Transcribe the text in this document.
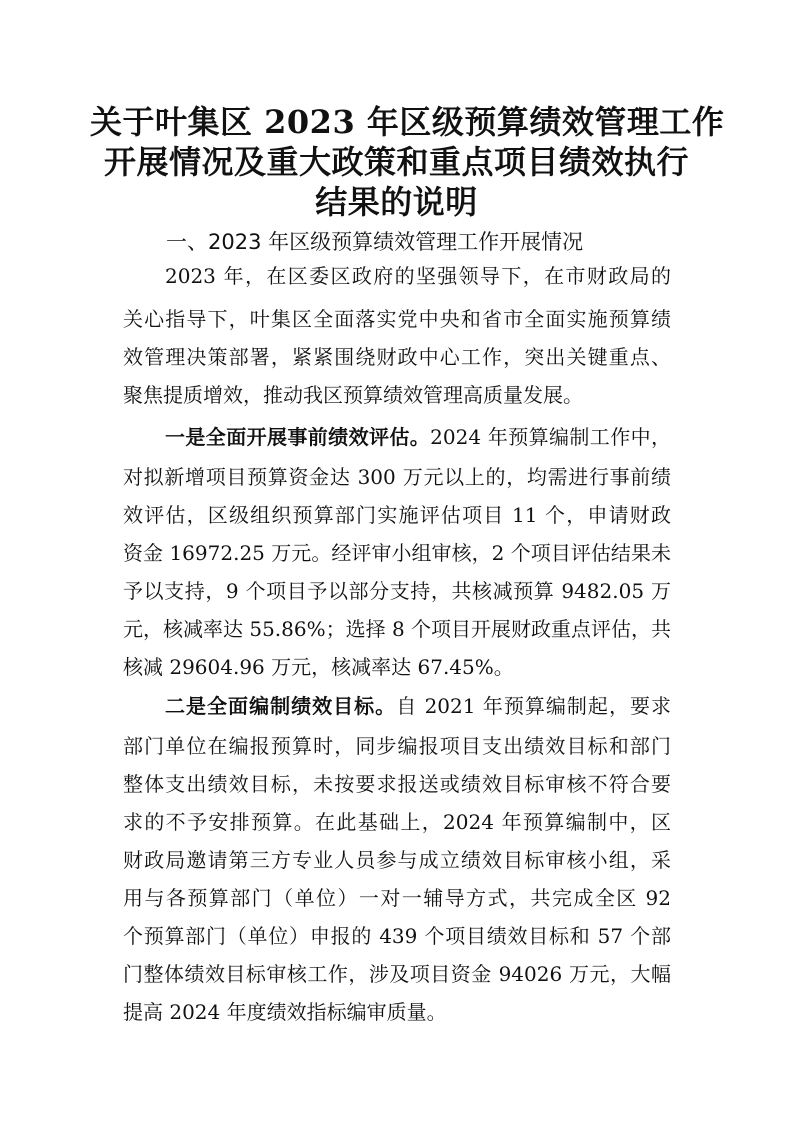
关于叶集区 2023 年区级预算绩效管理工作
开展情况及重大政策和重点项目绩效执行
结果的说明
一、2023 年区级预算绩效管理工作开展情况
2023 年，在区委区政府的坚强领导下，在市财政局的
关心指导下，叶集区全面落实党中央和省市全面实施预算绩
效管理决策部署，紧紧围绕财政中心工作，突出关键重点、
聚焦提质增效，推动我区预算绩效管理高质量发展。
一是全面开展事前绩效评估。2024 年预算编制工作中，
对拟新增项目预算资金达 300 万元以上的，均需进行事前绩
效评估，区级组织预算部门实施评估项目 11 个，申请财政
资金 16972.25 万元。经评审小组审核，2 个项目评估结果未
予以支持，9 个项目予以部分支持，共核减预算 9482.05 万
元，核减率达 55.86%；选择 8 个项目开展财政重点评估，共
核减 29604.96 万元，核减率达 67.45%。
二是全面编制绩效目标。自 2021 年预算编制起，要求
部门单位在编报预算时，同步编报项目支出绩效目标和部门
整体支出绩效目标，未按要求报送或绩效目标审核不符合要
求的不予安排预算。在此基础上，2024 年预算编制中，区
财政局邀请第三方专业人员参与成立绩效目标审核小组，采
用与各预算部门（单位）一对一辅导方式，共完成全区 92
个预算部门（单位）申报的 439 个项目绩效目标和 57 个部
门整体绩效目标审核工作，涉及项目资金 94026 万元，大幅
提高 2024 年度绩效指标编审质量。
